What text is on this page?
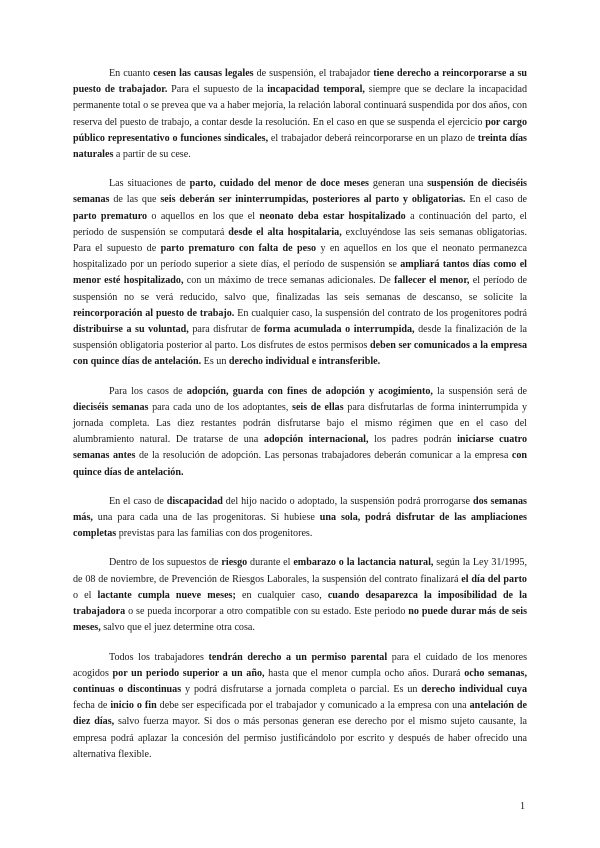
En cuanto cesen las causas legales de suspensión, el trabajador tiene derecho a reincorporarse a su puesto de trabajador. Para el supuesto de la incapacidad temporal, siempre que se declare la incapacidad permanente total o se prevea que va a haber mejoría, la relación laboral continuará suspendida por dos años, con reserva del puesto de trabajo, a contar desde la resolución. En el caso en que se suspenda el ejercicio por cargo público representativo o funciones sindicales, el trabajador deberá reincorporarse en un plazo de treinta días naturales a partir de su cese.

Las situaciones de parto, cuidado del menor de doce meses generan una suspensión de dieciséis semanas de las que seis deberán ser ininterrumpidas, posteriores al parto y obligatorias. En el caso de parto prematuro o aquellos en los que el neonato deba estar hospitalizado a continuación del parto, el período de suspensión se computará desde el alta hospitalaria, excluyéndose las seis semanas obligatorias. Para el supuesto de parto prematuro con falta de peso y en aquellos en los que el neonato permanezca hospitalizado por un período superior a siete días, el período de suspensión se ampliará tantos días como el menor esté hospitalizado, con un máximo de trece semanas adicionales. De fallecer el menor, el período de suspensión no se verá reducido, salvo que, finalizadas las seis semanas de descanso, se solicite la reincorporación al puesto de trabajo. En cualquier caso, la suspensión del contrato de los progenitores podrá distribuirse a su voluntad, para disfrutar de forma acumulada o interrumpida, desde la finalización de la suspensión obligatoria posterior al parto. Los disfrutes de estos permisos deben ser comunicados a la empresa con quince días de antelación. Es un derecho individual e intransferible.

Para los casos de adopción, guarda con fines de adopción y acogimiento, la suspensión será de dieciséis semanas para cada uno de los adoptantes, seis de ellas para disfrutarlas de forma ininterrumpida y jornada completa. Las diez restantes podrán disfrutarse bajo el mismo régimen que en el caso del alumbramiento natural. De tratarse de una adopción internacional, los padres podrán iniciarse cuatro semanas antes de la resolución de adopción. Las personas trabajadores deberán comunicar a la empresa con quince días de antelación.

En el caso de discapacidad del hijo nacido o adoptado, la suspensión podrá prorrogarse dos semanas más, una para cada una de las progenitoras. Si hubiese una sola, podrá disfrutar de las ampliaciones completas previstas para las familias con dos progenitores.

Dentro de los supuestos de riesgo durante el embarazo o la lactancia natural, según la Ley 31/1995, de 08 de noviembre, de Prevención de Riesgos Laborales, la suspensión del contrato finalizará el día del parto o el lactante cumpla nueve meses; en cualquier caso, cuando desaparezca la imposibilidad de la trabajadora o se pueda incorporar a otro compatible con su estado. Este periodo no puede durar más de seis meses, salvo que el juez determine otra cosa.

Todos los trabajadores tendrán derecho a un permiso parental para el cuidado de los menores acogidos por un periodo superior a un año, hasta que el menor cumpla ocho años. Durará ocho semanas, continuas o discontinuas y podrá disfrutarse a jornada completa o parcial. Es un derecho individual cuya fecha de inicio o fin debe ser especificada por el trabajador y comunicado a la empresa con una antelación de diez días, salvo fuerza mayor. Si dos o más personas generan ese derecho por el mismo sujeto causante, la empresa podrá aplazar la concesión del permiso justificándolo por escrito y después de haber ofrecido una alternativa flexible.

1
